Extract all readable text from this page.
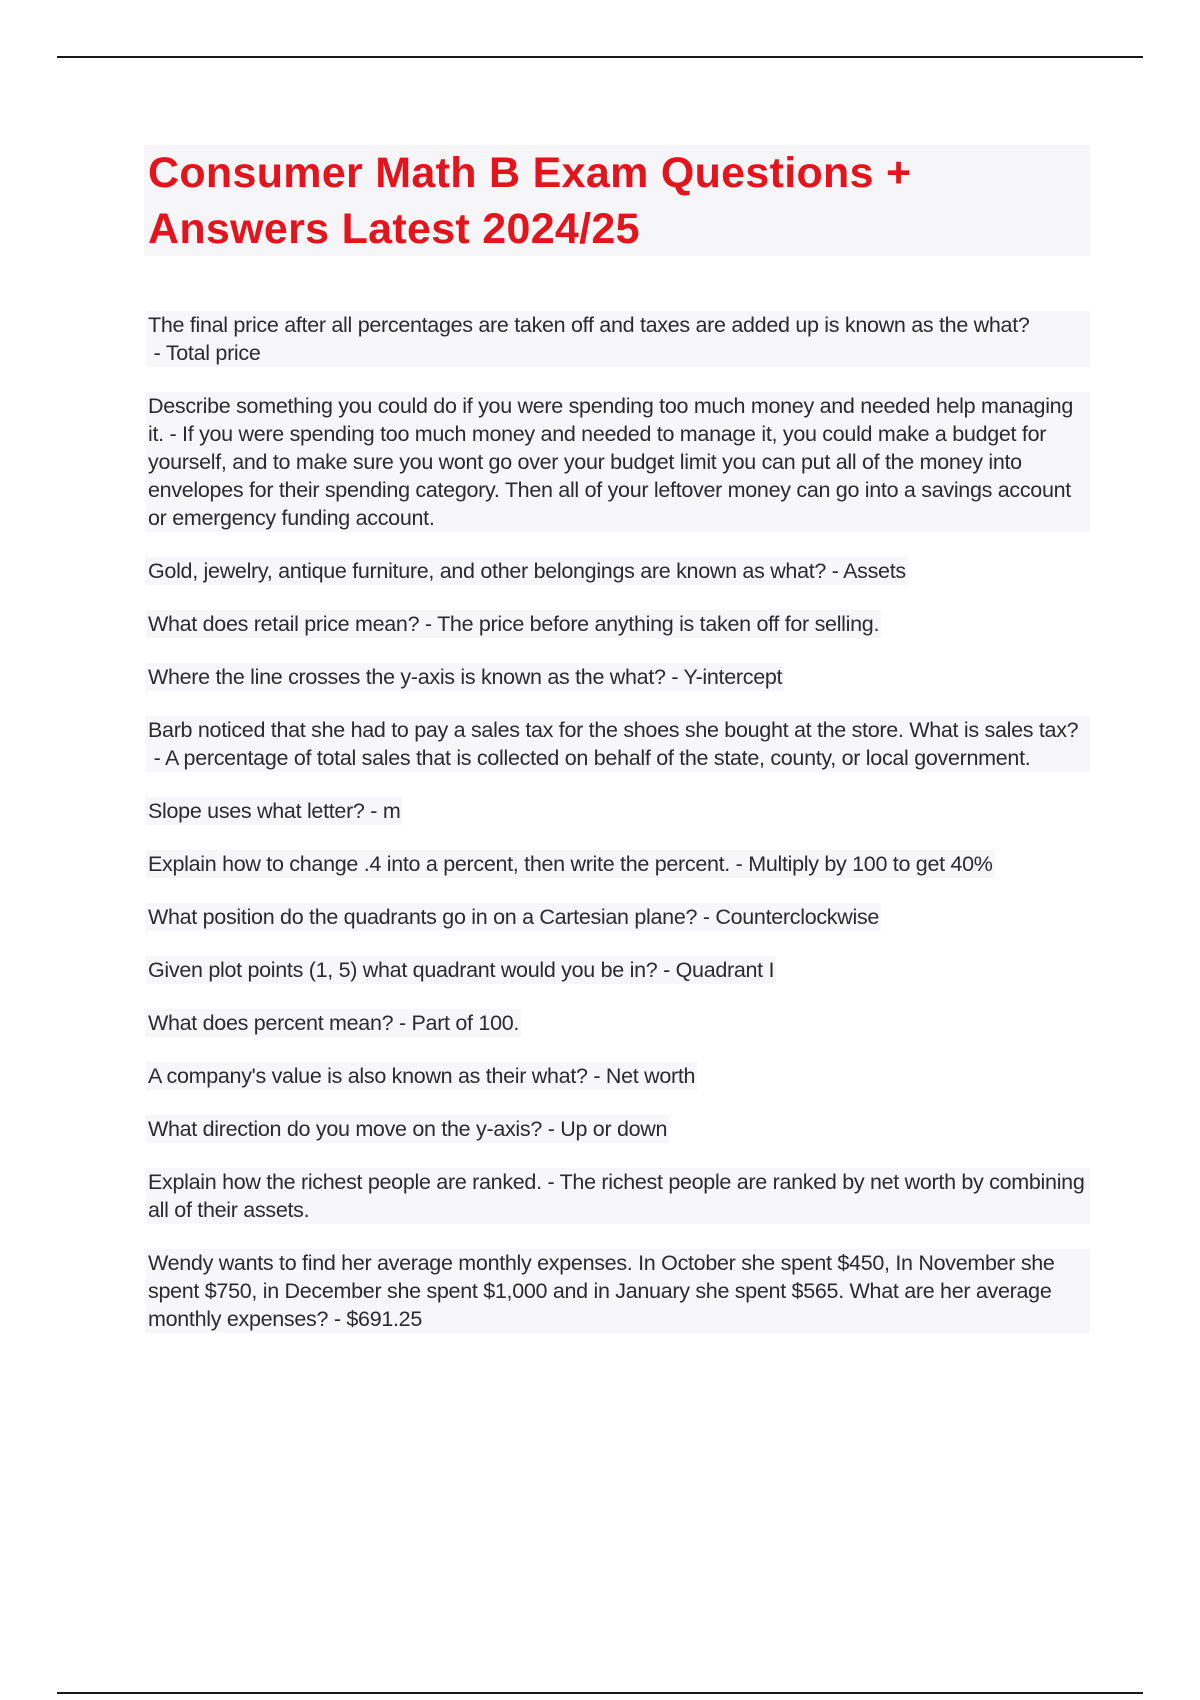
Consumer Math B Exam Questions +
Answers Latest 2024/25

The final price after all percentages are taken off and taxes are added up is known as the what? - Total price

Describe something you could do if you were spending too much money and needed help managing it. - If you were spending too much money and needed to manage it, you could make a budget for yourself, and to make sure you wont go over your budget limit you can put all of the money into envelopes for their spending category. Then all of your leftover money can go into a savings account or emergency funding account.

Gold, jewelry, antique furniture, and other belongings are known as what? - Assets

What does retail price mean? - The price before anything is taken off for selling.

Where the line crosses the y-axis is known as the what? - Y-intercept

Barb noticed that she had to pay a sales tax for the shoes she bought at the store. What is sales tax? - A percentage of total sales that is collected on behalf of the state, county, or local government.

Slope uses what letter? - m

Explain how to change .4 into a percent, then write the percent. - Multiply by 100 to get 40%

What position do the quadrants go in on a Cartesian plane? - Counterclockwise

Given plot points (1, 5) what quadrant would you be in? - Quadrant I

What does percent mean? - Part of 100.

A company's value is also known as their what? - Net worth

What direction do you move on the y-axis? - Up or down

Explain how the richest people are ranked. - The richest people are ranked by net worth by combining all of their assets.

Wendy wants to find her average monthly expenses. In October she spent $450, In November she spent $750, in December she spent $1,000 and in January she spent $565. What are her average monthly expenses? - $691.25
